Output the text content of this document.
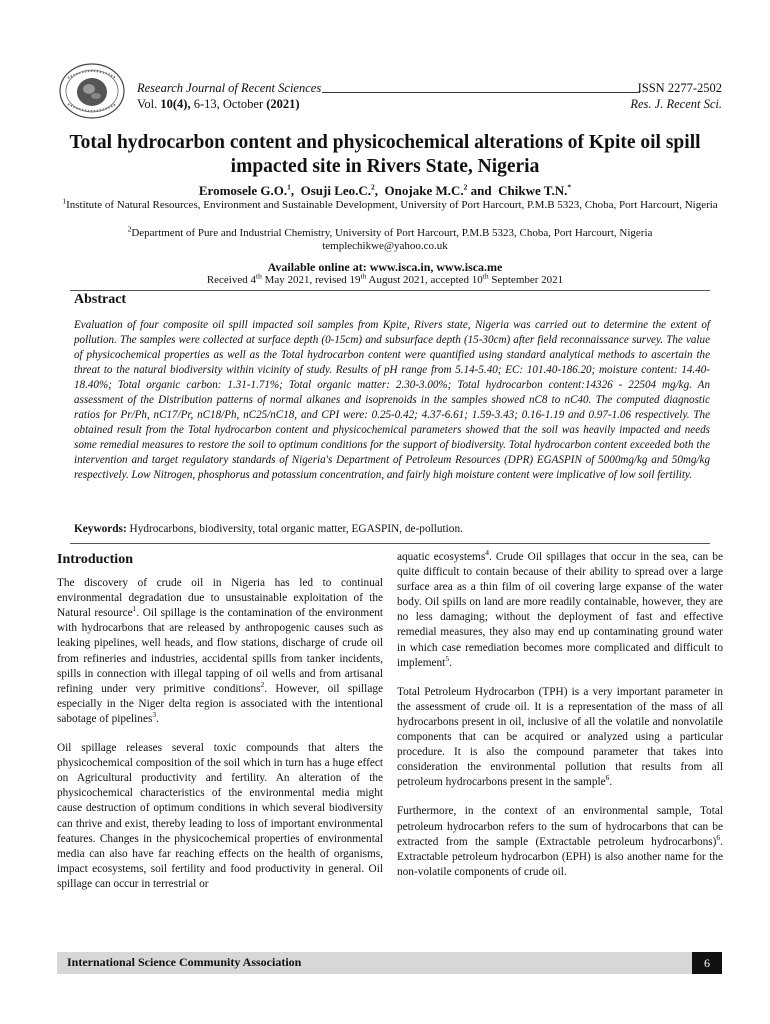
Research Journal of Recent Sciences
Vol. 10(4), 6-13, October (2021)
ISSN 2277-2502
Res. J. Recent Sci.
Total hydrocarbon content and physicochemical alterations of Kpite oil spill impacted site in Rivers State, Nigeria
Eromosele G.O.$^1$,  Osuji Leo.C.$^2$,  Onojake M.C.$^2$ and  Chikwe T.N.*
$^1$Institute of Natural Resources, Environment and Sustainable Development, University of Port Harcourt, P.M.B 5323, Choba, Port Harcourt, Nigeria
$^2$Department of Pure and Industrial Chemistry, University of Port Harcourt, P.M.B 5323, Choba, Port Harcourt, Nigeria
templechikwe@yahoo.co.uk
Available online at: www.isca.in, www.isca.me
Received 4th May 2021, revised 19th August 2021, accepted 10th September 2021
Abstract
Evaluation of four composite oil spill impacted soil samples from Kpite, Rivers state, Nigeria was carried out to determine the extent of pollution. The samples were collected at surface depth (0-15cm) and subsurface depth (15-30cm) after field reconnaissance survey. The value of physicochemical properties as well as the Total hydrocarbon content were quantified using standard analytical methods to ascertain the threat to the natural biodiversity within vicinity of study. Results of pH range from 5.14-5.40; EC: 101.40-186.20; moisture content: 14.40-18.40%; Total organic carbon: 1.31-1.71%; Total organic matter: 2.30-3.00%; Total hydrocarbon content:14326 - 22504 mg/kg. An assessment of the Distribution patterns of normal alkanes and isoprenoids in the samples showed nC8 to nC40. The computed diagnostic ratios for Pr/Ph, nC17/Pr, nC18/Ph, nC25/nC18, and CPI were: 0.25-0.42; 4.37-6.61; 1.59-3.43; 0.16-1.19 and 0.97-1.06 respectively. The obtained result from the Total hydrocarbon content and physicochemical parameters showed that the soil was heavily impacted and needs some remedial measures to restore the soil to optimum conditions for the support of biodiversity. Total hydrocarbon content exceeded both the intervention and target regulatory standards of Nigeria's Department of Petroleum Resources (DPR) EGASPIN of 5000mg/kg and 50mg/kg respectively. Low Nitrogen, phosphorus and potassium concentration, and fairly high moisture content were implicative of low soil fertility.
Keywords: Hydrocarbons, biodiversity, total organic matter, EGASPIN, de-pollution.
Introduction

The discovery of crude oil in Nigeria has led to continual environmental degradation due to unsustainable exploitation of the Natural resource$^1$. Oil spillage is the contamination of the environment with hydrocarbons that are released by anthropogenic causes such as leaking pipelines, well heads, and flow stations, discharge of crude oil from refineries and industries, accidental spills from tanker incidents, spills in connection with illegal tapping of oil wells and from artisanal refining under very primitive conditions$^2$. However, oil spillage especially in the Niger delta region is associated with the intentional sabotage of pipelines$^3$.

Oil spillage releases several toxic compounds that alters the physicochemical composition of the soil which in turn has a huge effect on Agricultural productivity and fertility. An alteration of the physicochemical characteristics of the environmental media might cause destruction of optimum conditions in which several biodiversity can thrive and exist, thereby leading to loss of important environmental features. Changes in the physicochemical properties of environmental media can also have far reaching effects on the health of organisms, impact ecosystems, soil fertility and food productivity in general. Oil spillage can occur in terrestrial or

aquatic ecosystems$^4$. Crude Oil spillages that occur in the sea, can be quite difficult to contain because of their ability to spread over a large surface area as a thin film of oil covering large expanse of the water body. Oil spills on land are more readily containable, however, they are no less damaging; without the deployment of fast and effective remedial measures, they also may end up contaminating ground water in which case remediation becomes more complicated and difficult to implement$^5$.

Total Petroleum Hydrocarbon (TPH) is a very important parameter in the assessment of crude oil. It is a representation of the mass of all hydrocarbons present in oil, inclusive of all the volatile and nonvolatile components that can be acquired or analyzed using a particular procedure. It is also the compound parameter that takes into consideration the environmental pollution that results from all petroleum hydrocarbons present in the sample$^6$.

Furthermore, in the context of an environmental sample, Total petroleum hydrocarbon refers to the sum of hydrocarbons that can be extracted from the sample (Extractable petroleum hydrocarbons)$^6$. Extractable petroleum hydrocarbon (EPH) is also another name for the non-volatile components of crude oil.

International Science Community Association	6
